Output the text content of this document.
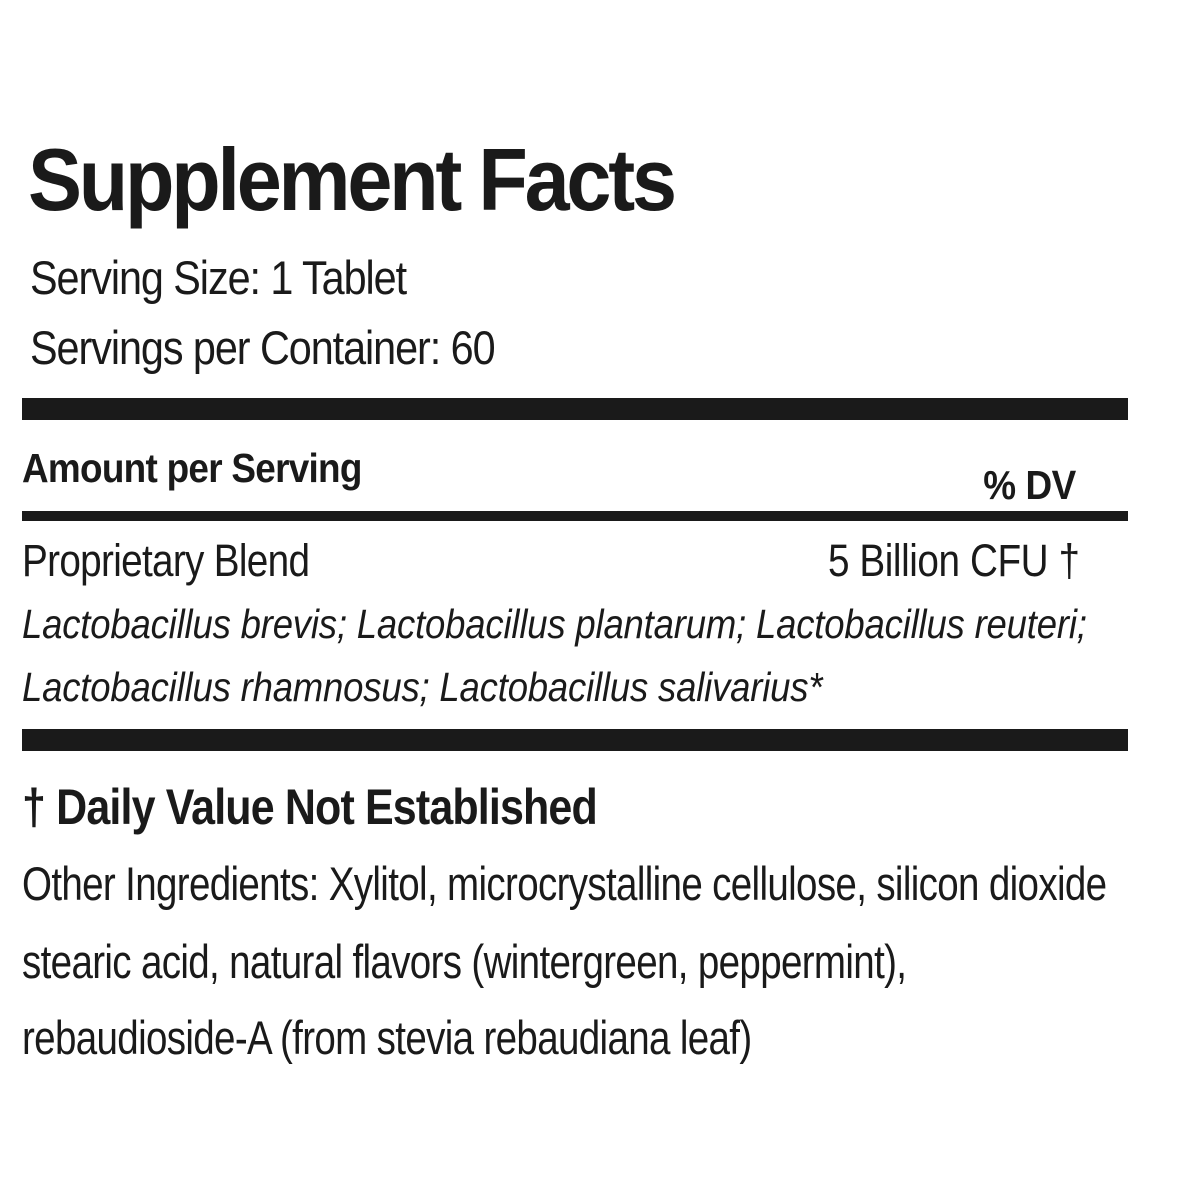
Supplement Facts
Serving Size: 1 Tablet
Servings per Container: 60
Amount per Serving	% DV
Proprietary Blend	5 Billion CFU †
Lactobacillus brevis; Lactobacillus plantarum; Lactobacillus reuteri;
Lactobacillus rhamnosus; Lactobacillus salivarius*
† Daily Value Not Established
Other Ingredients: Xylitol, microcrystalline cellulose, silicon dioxide
stearic acid, natural flavors (wintergreen, peppermint),
rebaudioside-A (from stevia rebaudiana leaf)
